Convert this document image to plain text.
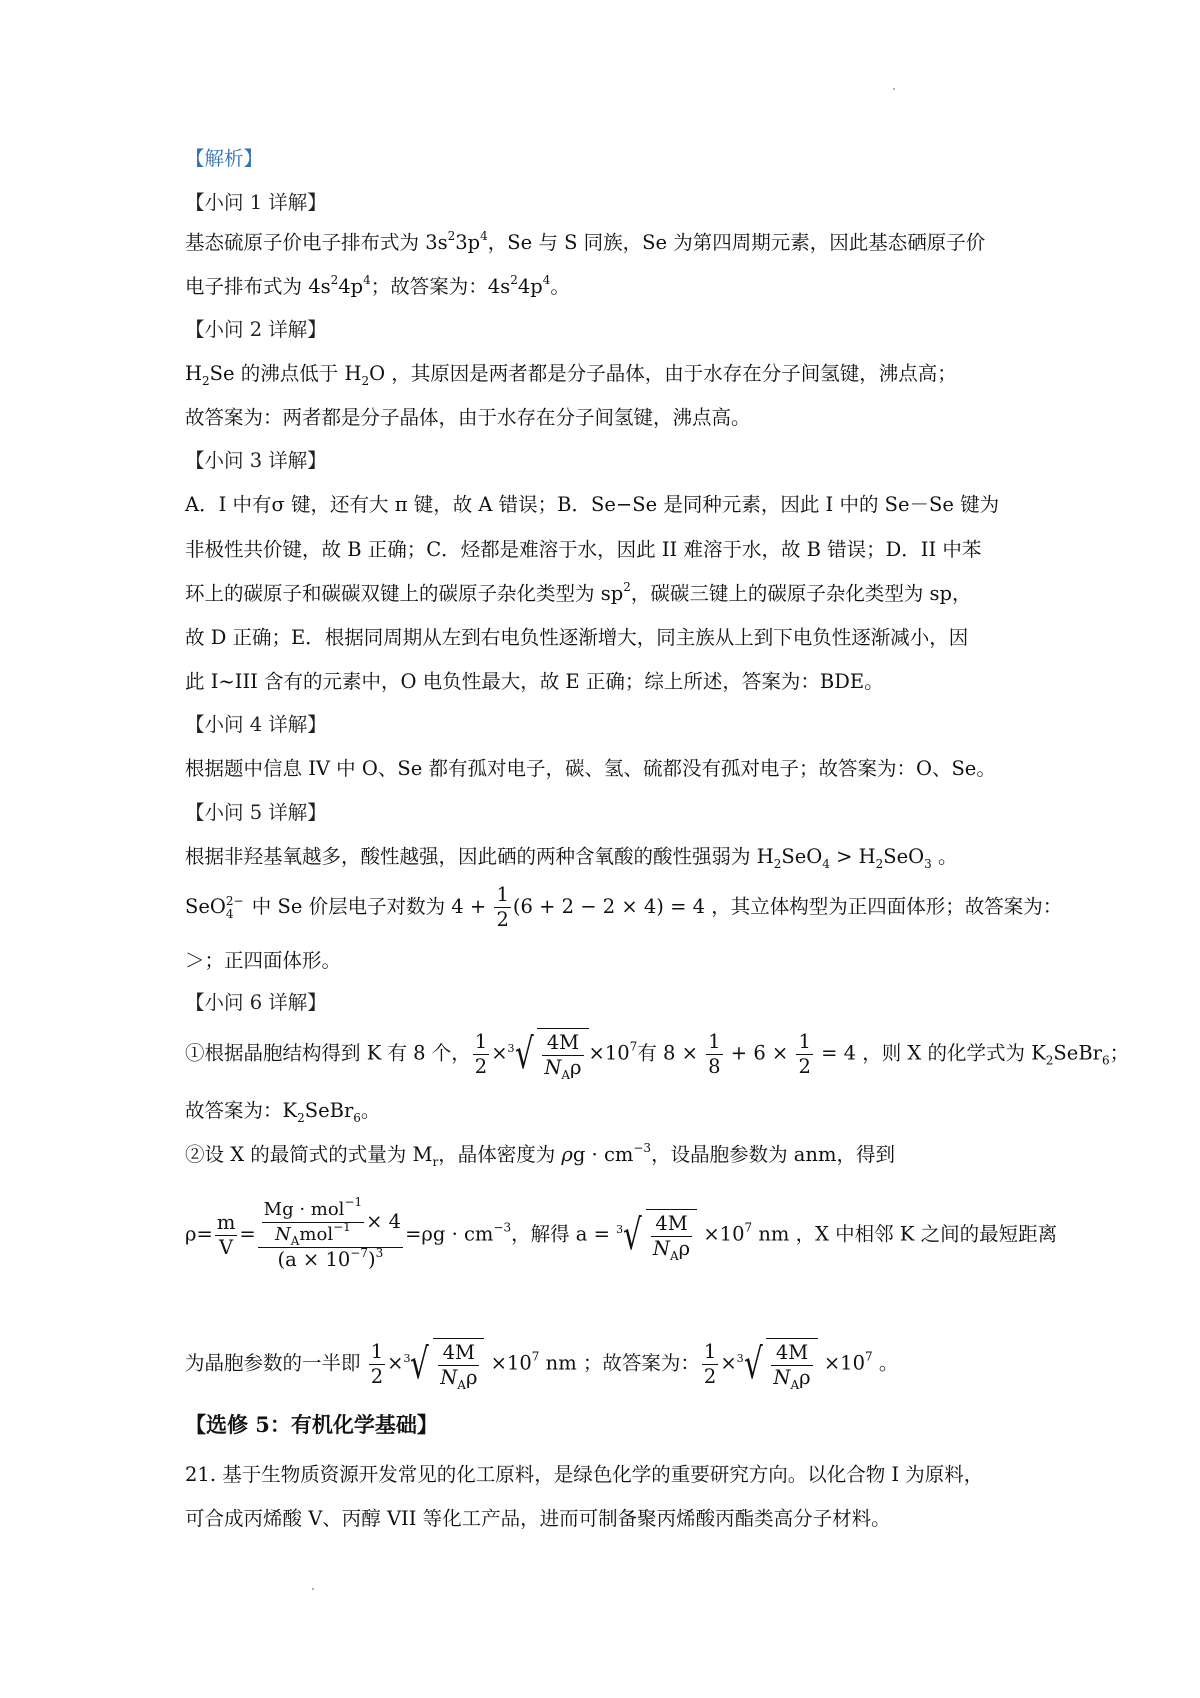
【解析】
【小问 1 详解】
基态硫原子价电子排布式为 $3s^23p^4$，Se 与 S 同族，Se 为第四周期元素，因此基态硒原子价
电子排布式为 $4s^24p^4$；故答案为：$4s^24p^4$。
【小问 2 详解】
$H_2Se$ 的沸点低于 $H_2O$ ，其原因是两者都是分子晶体，由于水存在分子间氢键，沸点高；
故答案为：两者都是分子晶体，由于水存在分子间氢键，沸点高。
【小问 3 详解】
A．I 中有σ 键，还有大 π 键，故 A 错误；B．Se−Se 是同种元素，因此 I 中的 Se－Se 键为
非极性共价键，故 B 正确；C．烃都是难溶于水，因此 II 难溶于水，故 B 错误；D．II 中苯
环上的碳原子和碳碳双键上的碳原子杂化类型为 $sp^2$，碳碳三键上的碳原子杂化类型为 sp，
故 D 正确；E．根据同周期从左到右电负性逐渐增大，同主族从上到下电负性逐渐减小，因
此 I~III 含有的元素中，O 电负性最大，故 E 正确；综上所述，答案为：BDE。
【小问 4 详解】
根据题中信息 IV 中 O、Se 都有孤对电子，碳、氢、硫都没有孤对电子；故答案为：O、Se。
【小问 5 详解】
根据非羟基氧越多，酸性越强，因此硒的两种含氧酸的酸性强弱为 $H_2SeO_4 > H_2SeO_3$ 。
SeO 2−
4 中 Se 价层电子对数为 $4 + \frac{1}{2} (6 + 2 - 2 \times 4) = 4$ ，其立体构型为正四面体形；故答案为：
＞；正四面体形。
【小问 6 详解】
①根据晶胞结构得到 K 有 8 个， $\frac{1}{2} \times 3$ √ $\frac{4M}{N_A\rho} \times 10^7$有 $8 \times \frac{1}{8} + 6 \times \frac{1}{2} = 4$ ，则 X 的化学式为 $K_2SeBr_6$；
故答案为：$K_2SeBr_6$。
②设 X 的最简式的式量为 $M_r$，晶体密度为 $\rho g \cdot cm^{-3}$，设晶胞参数为 anm，得到
$\rho= \frac{m}{V} = \frac{\frac{Mg \cdot mol^{-1}}{N_Amol^{-1}} \times 4}{(a \times 10^{-7})^3} =\rho g \cdot cm^{-3}$，解得 a = 3 √ $\frac{4M}{N_A\rho} \times 10^7$ nm ，X 中相邻 K 之间的最短距离
为晶胞参数的一半即 $\frac{1}{2} \times 3$ √ $\frac{4M}{N_A\rho} \times 10^7$ nm ；故答案为： $\frac{1}{2} \times 3$ √ $\frac{4M}{N_A\rho} \times 10^7$ 。
【选修 5：有机化学基础】
21. 基于生物质资源开发常见的化工原料，是绿色化学的重要研究方向。以化合物 I 为原料，
可合成丙烯酸 V、丙醇 VII 等化工产品，进而可制备聚丙烯酸丙酯类高分子材料。
